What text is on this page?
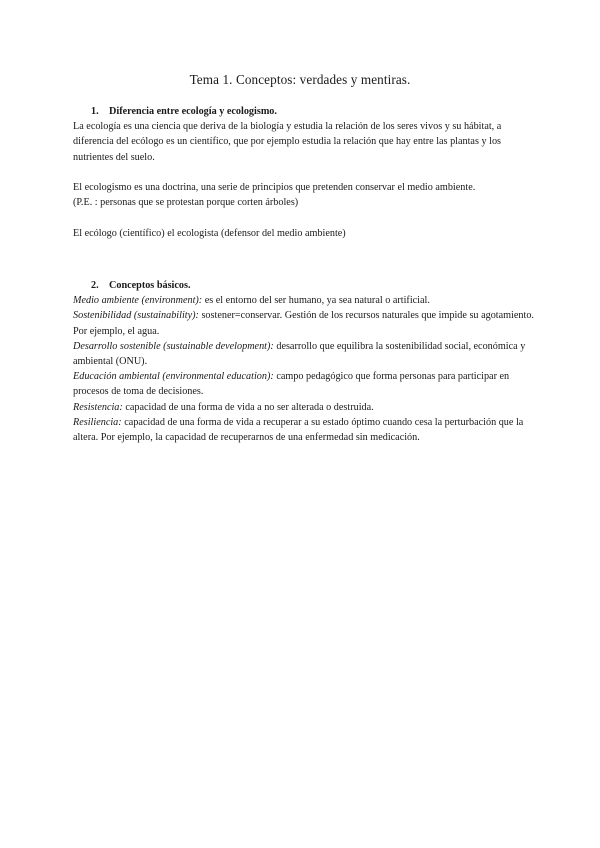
Tema 1. Conceptos: verdades y mentiras.
1. Diferencia entre ecología y ecologismo.

La ecología es una ciencia que deriva de la biología y estudia la relación de los seres vivos y su hábitat, a diferencia del ecólogo es un científico, que por ejemplo estudia la relación que hay entre las plantas y los nutrientes del suelo.

El ecologismo es una doctrina, una serie de principios que pretenden conservar el medio ambiente.

(P.E. : personas que se protestan porque corten árboles)

El ecólogo (científico) el ecologista (defensor del medio ambiente)

2. Conceptos básicos.

Medio ambiente (environment): es el entorno del ser humano, ya sea natural o artificial.

Sostenibilidad (sustainability): sostener=conservar. Gestión de los recursos naturales que impide su agotamiento. Por ejemplo, el agua.

Desarrollo sostenible (sustainable development): desarrollo que equilibra la sostenibilidad social, económica y ambiental (ONU).

Educación ambiental (environmental education): campo pedagógico que forma personas para participar en procesos de toma de decisiones.

Resistencia: capacidad de una forma de vida a no ser alterada o destruida.

Resiliencia: capacidad de una forma de vida a recuperar a su estado óptimo cuando cesa la perturbación que la altera. Por ejemplo, la capacidad de recuperarnos de una enfermedad sin medicación.
